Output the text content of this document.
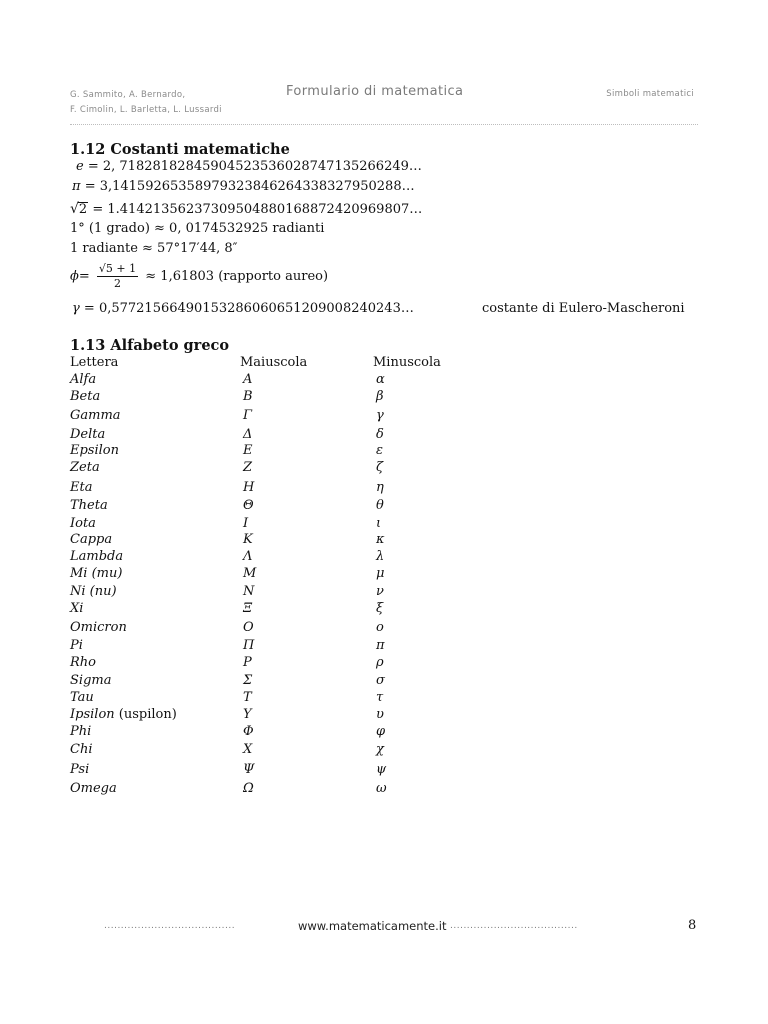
G. Sammito, A. Bernardo,
F. Cimolin, L. Barletta, L. Lussardi
Formulario di matematica	Simboli matematici
1.12 Costanti matematiche
e = 2, 71828182845904523536028747135266249…
π = 3,14159265358979323846264338327950288…
√2 = 1.41421356237309504880168872420969807…
1° (1 grado) ≈ 0, 0174532925 radianti
1 radiante ≈ 57°17′44, 8″
$\phi= \frac{√5 + 1}{2} \approx 1,61803$ (rapporto aureo)
γ = 0,57721566490153286060651209008240243…	costante di Eulero-Mascheroni
1.13 Alfabeto greco
Lettera	Maiuscola	Minuscola
Alfa	A	α
Beta	B	β
Gamma	Γ	γ
Delta	Δ	δ
Epsilon	E	ε
Zeta	Z	ζ
Eta	H	η
Theta	Θ	θ
Iota	I	ι
Cappa	K	κ
Lambda	Λ	λ
Mi (mu)	M	μ
Ni (nu)	N	ν
Xi	Ξ	ξ
Omicron	O	o
Pi	Π	π
Rho	P	ρ
Sigma	Σ	σ
Tau	T	τ
Ipsilon (uspilon)	Y	υ
Phi	Φ	φ
Chi	X	χ
Psi	Ψ	ψ
Omega	Ω	ω
.......................................	www.matematicamente.it ......................................	8
